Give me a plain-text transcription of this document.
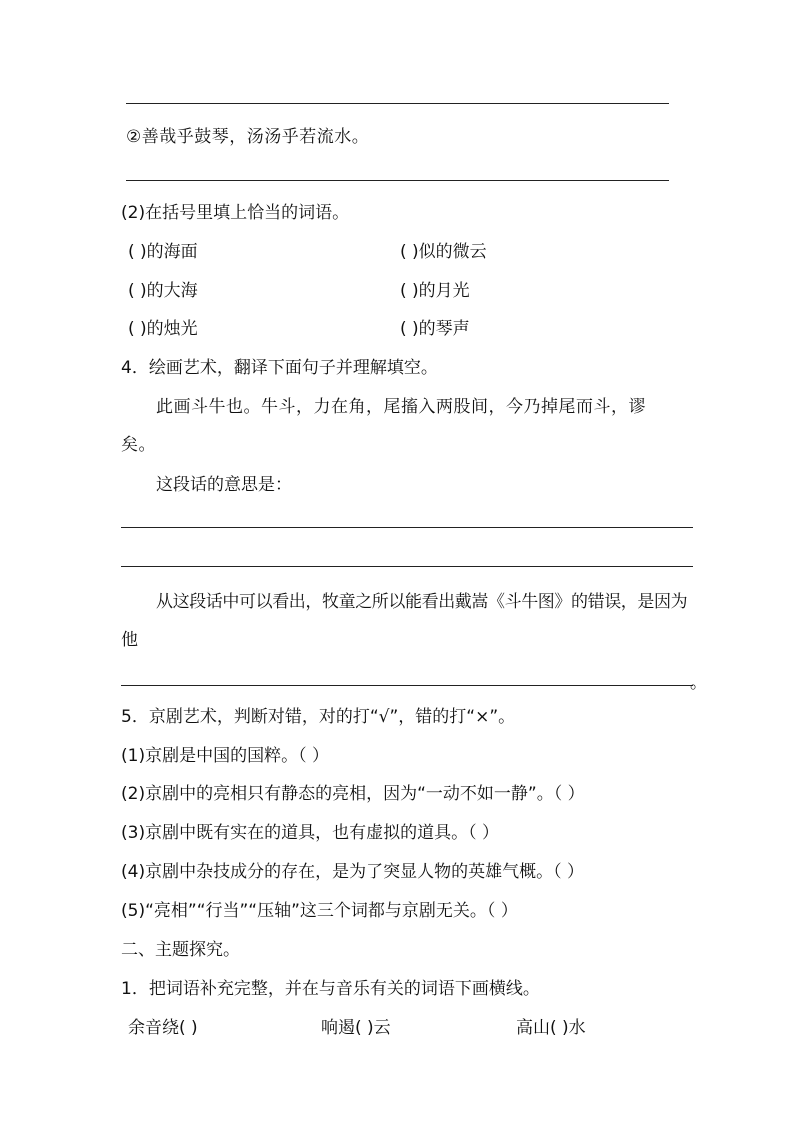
②善哉乎鼓琴，汤汤乎若流水。
(2)在括号里填上恰当的词语。
( )的海面	( )似的微云
( )的大海	( )的月光
( )的烛光	( )的琴声
4．绘画艺术，翻译下面句子并理解填空。
此画斗牛也。牛斗，力在角，尾搐入两股间，今乃掉尾而斗，谬
矣。
这段话的意思是：
从这段话中可以看出，牧童之所以能看出戴嵩《斗牛图》的错误，是因为
他
。
5．京剧艺术，判断对错，对的打“√”，错的打“×”。
(1)京剧是中国的国粹。（ ）
(2)京剧中的亮相只有静态的亮相，因为“一动不如一静”。（ ）
(3)京剧中既有实在的道具，也有虚拟的道具。（ ）
(4)京剧中杂技成分的存在，是为了突显人物的英雄气概。（ ）
(5)“亮相”“行当”“压轴”这三个词都与京剧无关。（ ）
二、主题探究。
1．把词语补充完整，并在与音乐有关的词语下画横线。
余音绕( )	响遏( )云	高山( )水
